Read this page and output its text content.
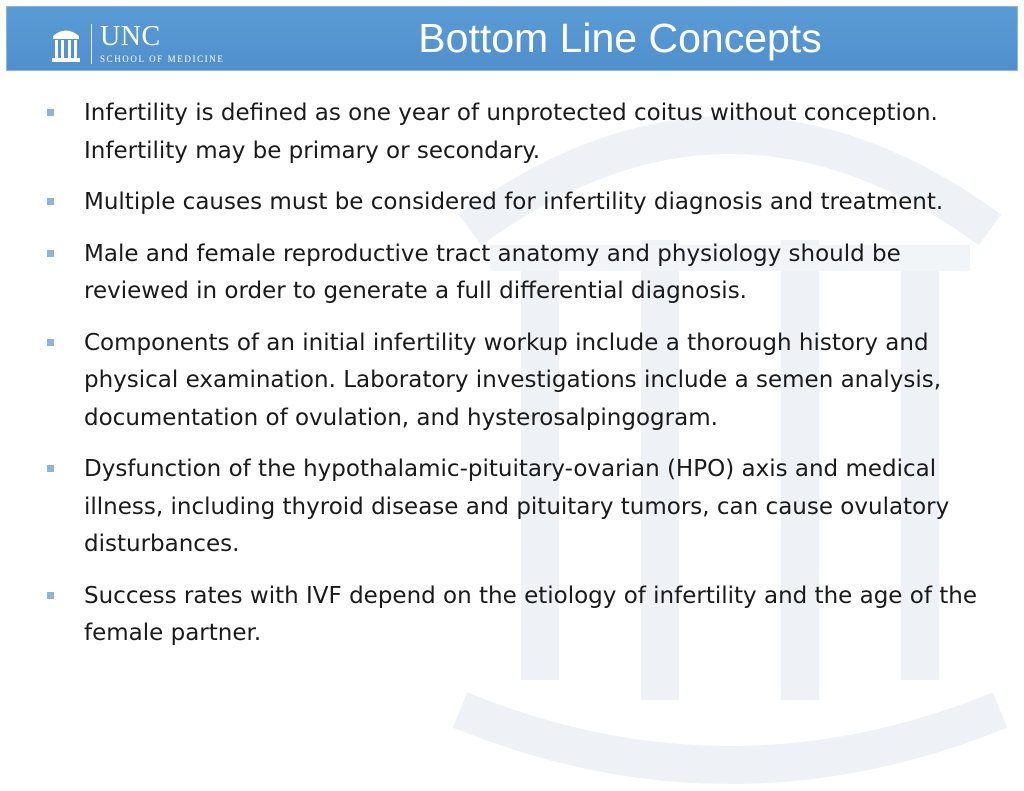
UNC
SCHOOL OF MEDICINE	Bottom Line Concepts
Infertility is defined as one year of unprotected coitus without conception. Infertility may be primary or secondary.
Multiple causes must be considered for infertility diagnosis and treatment.
Male and female reproductive tract anatomy and physiology should be reviewed in order to generate a full differential diagnosis.
Components of an initial infertility workup include a thorough history and physical examination. Laboratory investigations include a semen analysis, documentation of ovulation, and hysterosalpingogram.
Dysfunction of the hypothalamic-pituitary-ovarian (HPO) axis and medical illness, including thyroid disease and pituitary tumors, can cause ovulatory disturbances.
Success rates with IVF depend on the etiology of infertility and the age of the female partner.
